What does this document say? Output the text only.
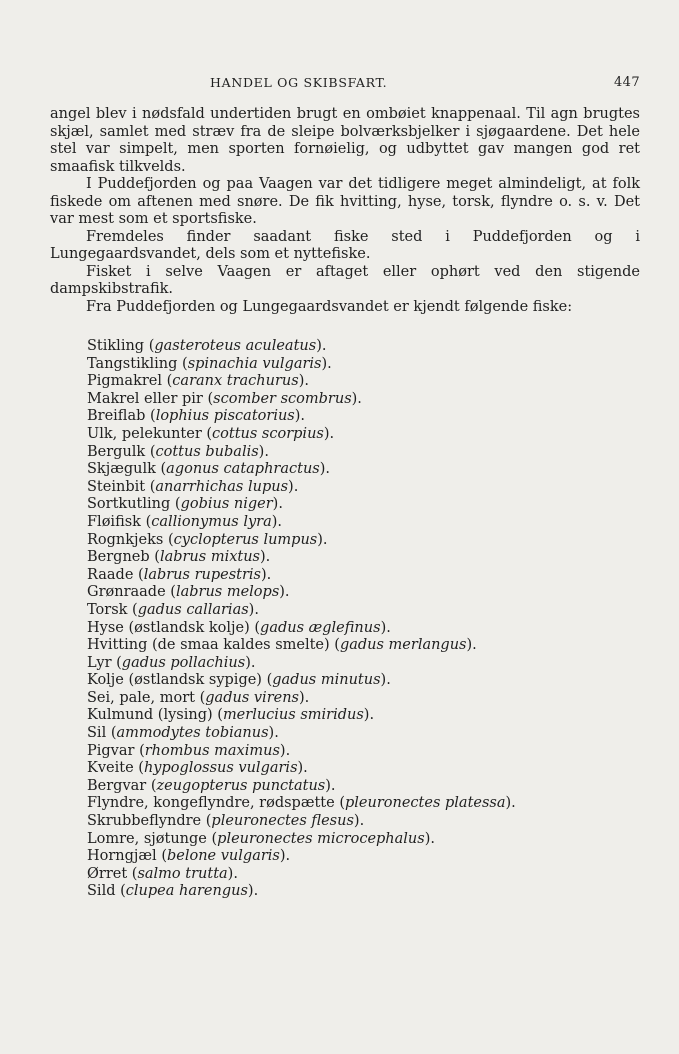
HANDEL OG SKIBSFART.	447

angel blev i nødsfald undertiden brugt en ombøiet knappenaal. Til agn brugtes skjæl, samlet med stræv fra de sleipe bolværksbjelker i sjøgaardene. Det hele stel var simpelt, men sporten fornøielig, og udbyttet gav mangen god ret smaafisk tilkvelds.

I Puddefjorden og paa Vaagen var det tidligere meget almindeligt, at folk fiskede om aftenen med snøre. De fik hvitting, hyse, torsk, flyndre o. s. v. Det var mest som et sportsfiske.

Fremdeles finder saadant fiske sted i Puddefjorden og i Lungegaardsvandet, dels som et nyttefiske.

Fisket i selve Vaagen er aftaget eller ophørt ved den stigende dampskibstrafik.

Fra Puddefjorden og Lungegaardsvandet er kjendt følgende fiske:

Stikling (gasteroteus aculeatus).
Tangstikling (spinachia vulgaris).
Pigmakrel (caranx trachurus).
Makrel eller pir (scomber scombrus).
Breiflab (lophius piscatorius).
Ulk, pelekunter (cottus scorpius).
Bergulk (cottus bubalis).
Skjægulk (agonus cataphractus).
Steinbit (anarrhichas lupus).
Sortkutling (gobius niger).
Fløifisk (callionymus lyra).
Rognkjeks (cyclopterus lumpus).
Bergneb (labrus mixtus).
Raade (labrus rupestris).
Grønraade (labrus melops).
Torsk (gadus callarias).
Hyse (østlandsk kolje) (gadus æglefinus).
Hvitting (de smaa kaldes smelte) (gadus merlangus).
Lyr (gadus pollachius).
Kolje (østlandsk sypige) (gadus minutus).
Sei, pale, mort (gadus virens).
Kulmund (lysing) (merlucius smiridus).
Sil (ammodytes tobianus).
Pigvar (rhombus maximus).
Kveite (hypoglossus vulgaris).
Bergvar (zeugopterus punctatus).
Flyndre, kongeflyndre, rødspætte (pleuronectes platessa).
Skrubbeflyndre (pleuronectes flesus).
Lomre, sjøtunge (pleuronectes microcephalus).
Horngjæl (belone vulgaris).
Ørret (salmo trutta).
Sild (clupea harengus).
